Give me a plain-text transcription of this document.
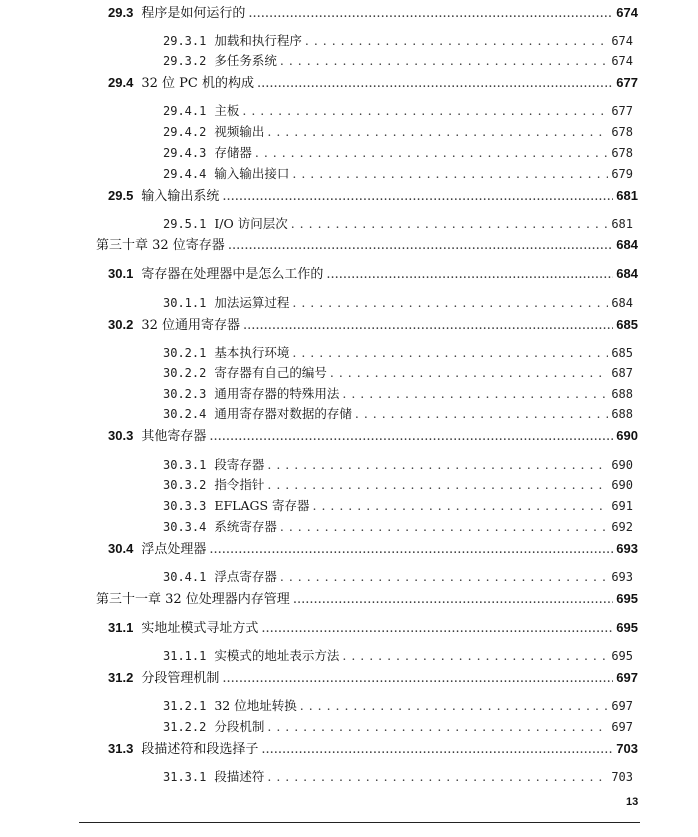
29.3 程序是如何运行的 .....	674
29.3.1 加载和执行程序 . . .	674
29.3.2 多任务系统 . . .	674
29.4 32 位 PC 机的构成 .....	677
29.4.1 主板 . . .	677
29.4.2 视频输出 . . .	678
29.4.3 存储器 . . .	678
29.4.4 输入输出接口 . . .	679
29.5 输入输出系统 .....	681
29.5.1 I/O 访问层次 . . .	681
第三十章 32 位寄存器 .....	684
30.1 寄存器在处理器中是怎么工作的 .....	684
30.1.1 加法运算过程 . . .	684
30.2 32 位通用寄存器 .....	685
30.2.1 基本执行环境 . . .	685
30.2.2 寄存器有自己的编号 . . .	687
30.2.3 通用寄存器的特殊用法 . . .	688
30.2.4 通用寄存器对数据的存储 . . .	688
30.3 其他寄存器 .....	690
30.3.1 段寄存器 . . .	690
30.3.2 指令指针 . . .	690
30.3.3 EFLAGS 寄存器 . . .	691
30.3.4 系统寄存器 . . .	692
30.4 浮点处理器 .....	693
30.4.1 浮点寄存器 . . .	693
第三十一章 32 位处理器内存管理 .....	695
31.1 实地址模式寻址方式 .....	695
31.1.1 实模式的地址表示方法 . . .	695
31.2 分段管理机制 .....	697
31.2.1 32 位地址转换 . . .	697
31.2.2 分段机制 . . .	697
31.3 段描述符和段选择子 .....	703
31.3.1 段描述符 . . .	703
13
